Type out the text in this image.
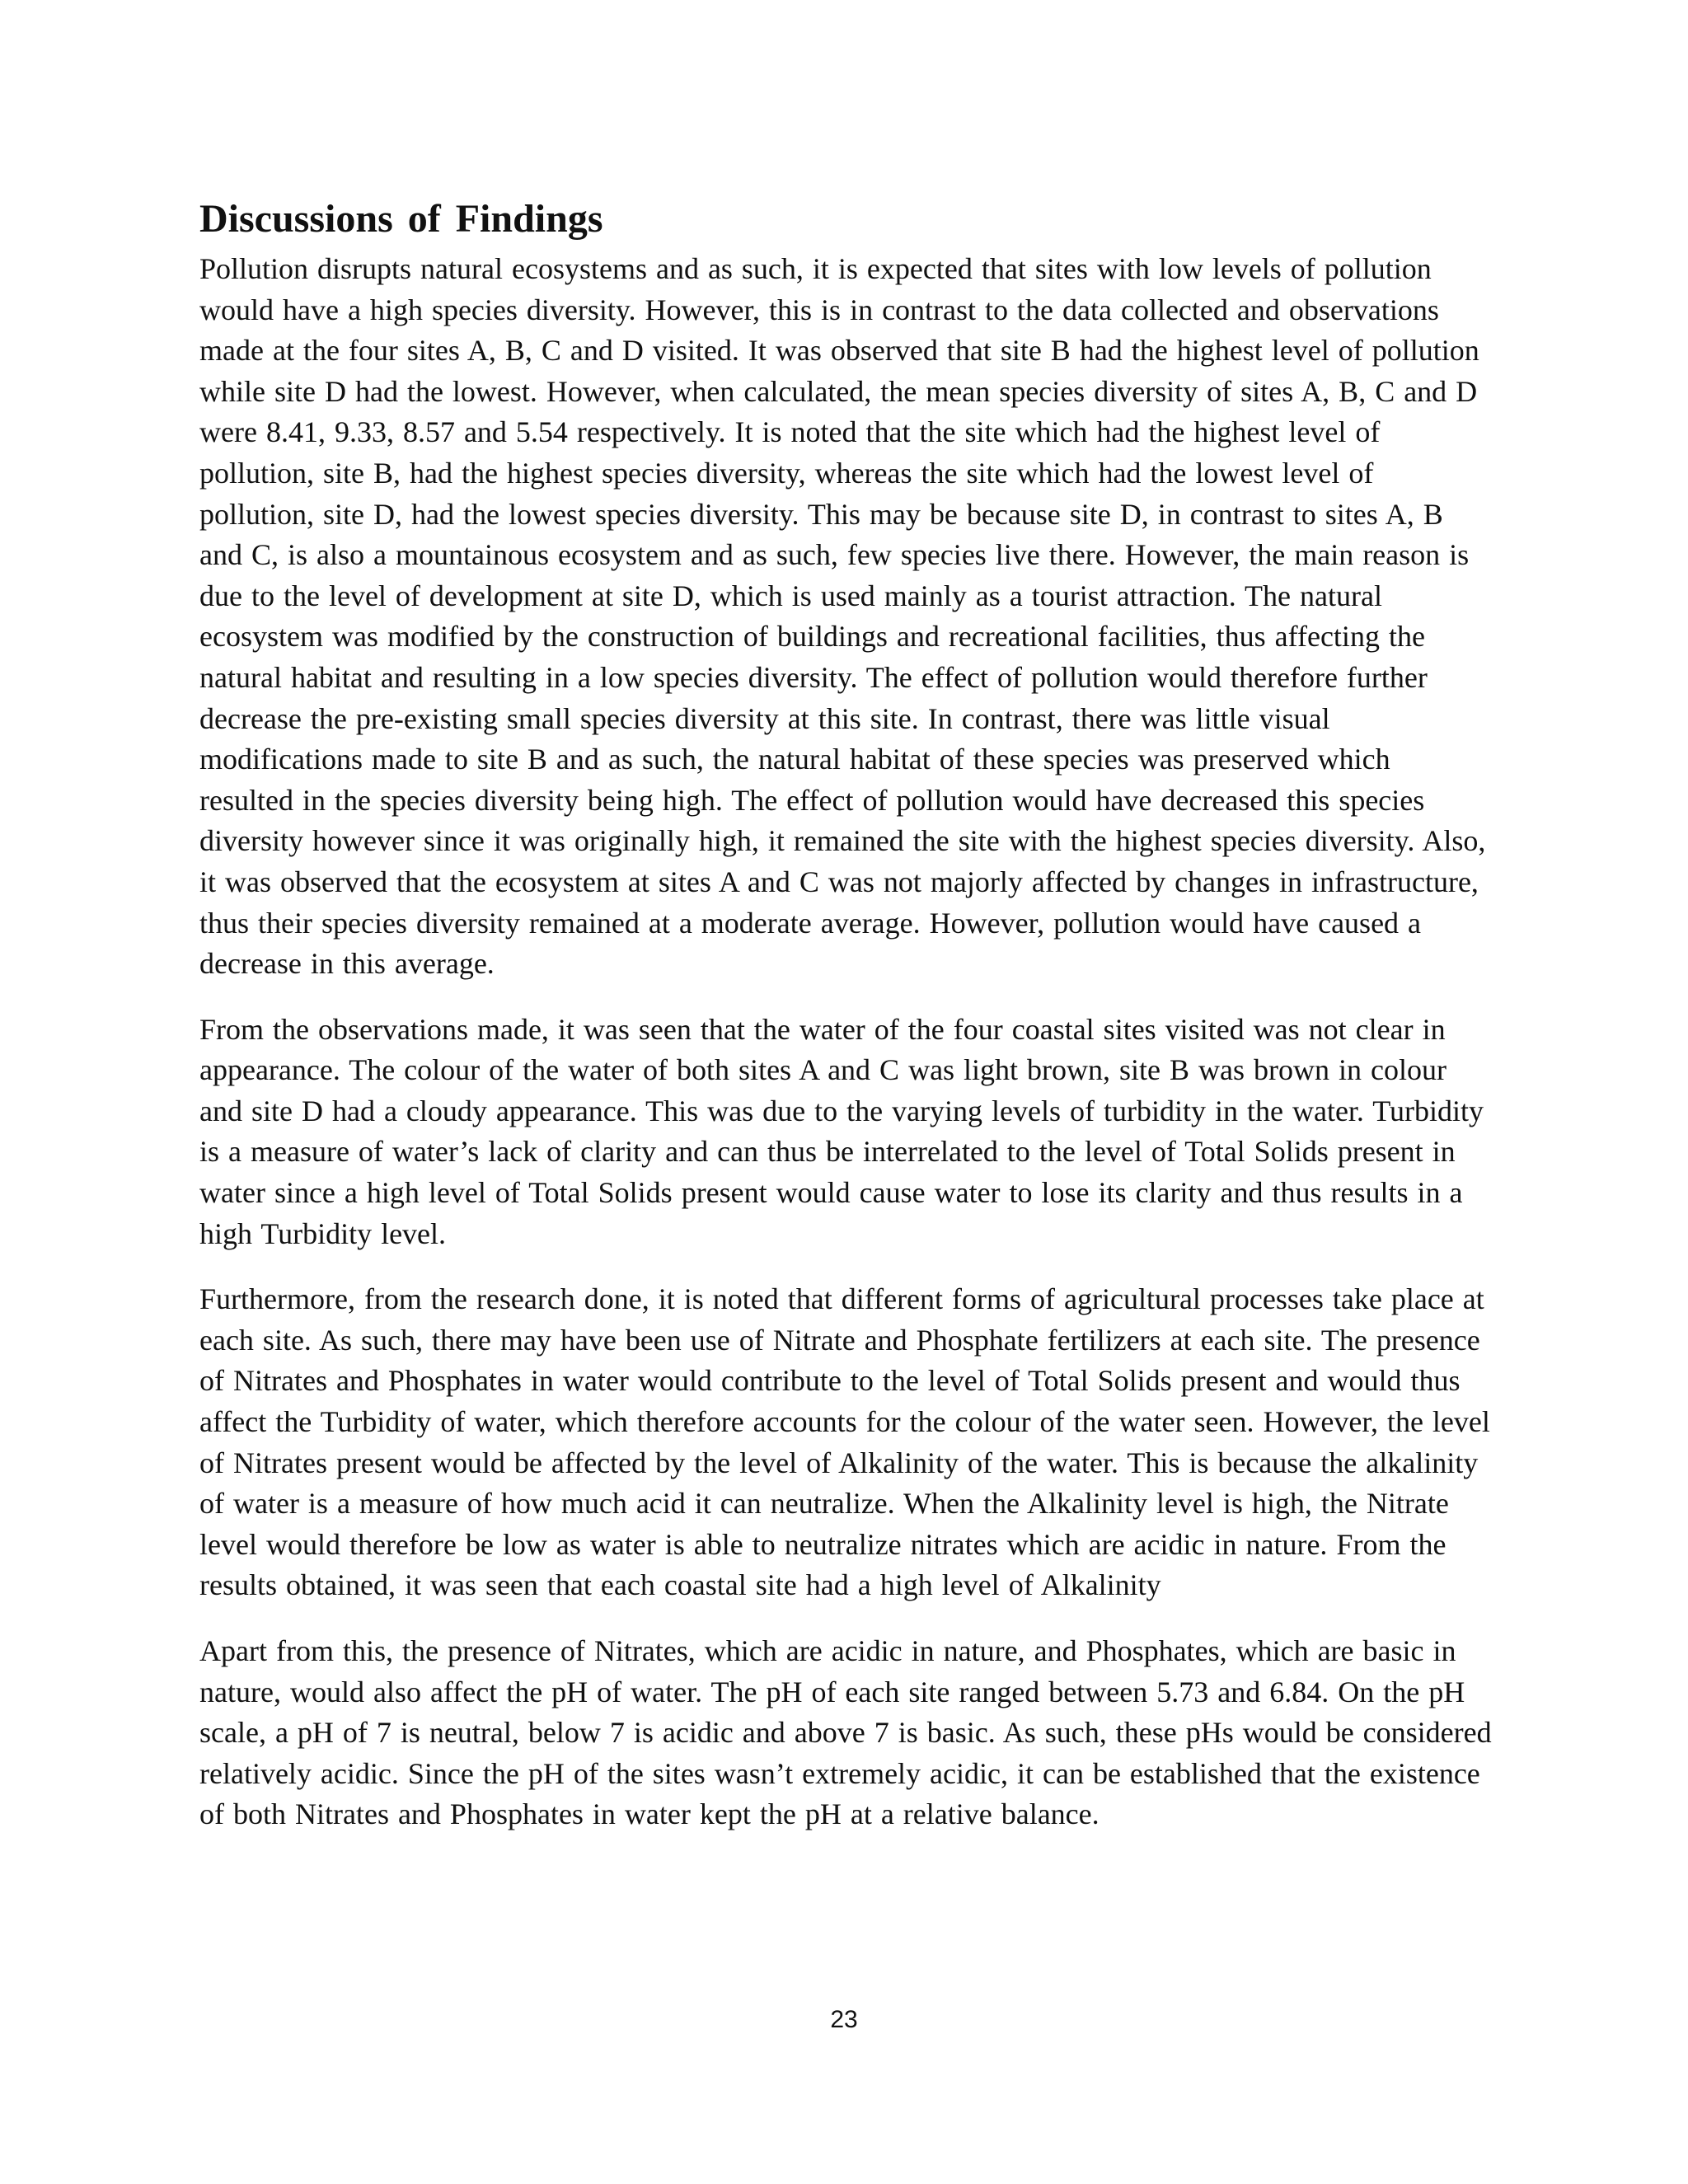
Discussions of Findings

Pollution disrupts natural ecosystems and as such, it is expected that sites with low levels of pollution would have a high species diversity. However, this is in contrast to the data collected and observations made at the four sites A, B, C and D visited. It was observed that site B had the highest level of pollution while site D had the lowest. However, when calculated, the mean species diversity of sites A, B, C and D were 8.41, 9.33, 8.57 and 5.54 respectively. It is noted that the site which had the highest level of pollution, site B, had the highest species diversity, whereas the site which had the lowest level of pollution, site D, had the lowest species diversity. This may be because site D, in contrast to sites A, B and C, is also a mountainous ecosystem and as such, few species live there. However, the main reason is due to the level of development at site D, which is used mainly as a tourist attraction. The natural ecosystem was modified by the construction of buildings and recreational facilities, thus affecting the natural habitat and resulting in a low species diversity. The effect of pollution would therefore further decrease the pre-existing small species diversity at this site. In contrast, there was little visual modifications made to site B and as such, the natural habitat of these species was preserved which resulted in the species diversity being high. The effect of pollution would have decreased this species diversity however since it was originally high, it remained the site with the highest species diversity. Also, it was observed that the ecosystem at sites A and C was not majorly affected by changes in infrastructure, thus their species diversity remained at a moderate average. However, pollution would have caused a decrease in this average.

From the observations made, it was seen that the water of the four coastal sites visited was not clear in appearance. The colour of the water of both sites A and C was light brown, site B was brown in colour and site D had a cloudy appearance. This was due to the varying levels of turbidity in the water. Turbidity is a measure of water’s lack of clarity and can thus be interrelated to the level of Total Solids present in water since a high level of Total Solids present would cause water to lose its clarity and thus results in a high Turbidity level.

Furthermore, from the research done, it is noted that different forms of agricultural processes take place at each site. As such, there may have been use of Nitrate and Phosphate fertilizers at each site. The presence of Nitrates and Phosphates in water would contribute to the level of Total Solids present and would thus affect the Turbidity of water, which therefore accounts for the colour of the water seen. However, the level of Nitrates present would be affected by the level of Alkalinity of the water. This is because the alkalinity of water is a measure of how much acid it can neutralize. When the Alkalinity level is high, the Nitrate level would therefore be low as water is able to neutralize nitrates which are acidic in nature. From the results obtained, it was seen that each coastal site had a high level of Alkalinity

Apart from this, the presence of Nitrates, which are acidic in nature, and Phosphates, which are basic in nature, would also affect the pH of water. The pH of each site ranged between 5.73 and 6.84. On the pH scale, a pH of 7 is neutral, below 7 is acidic and above 7 is basic. As such, these pHs would be considered relatively acidic. Since the pH of the sites wasn’t extremely acidic, it can be established that the existence of both Nitrates and Phosphates in water kept the pH at a relative balance.

23
